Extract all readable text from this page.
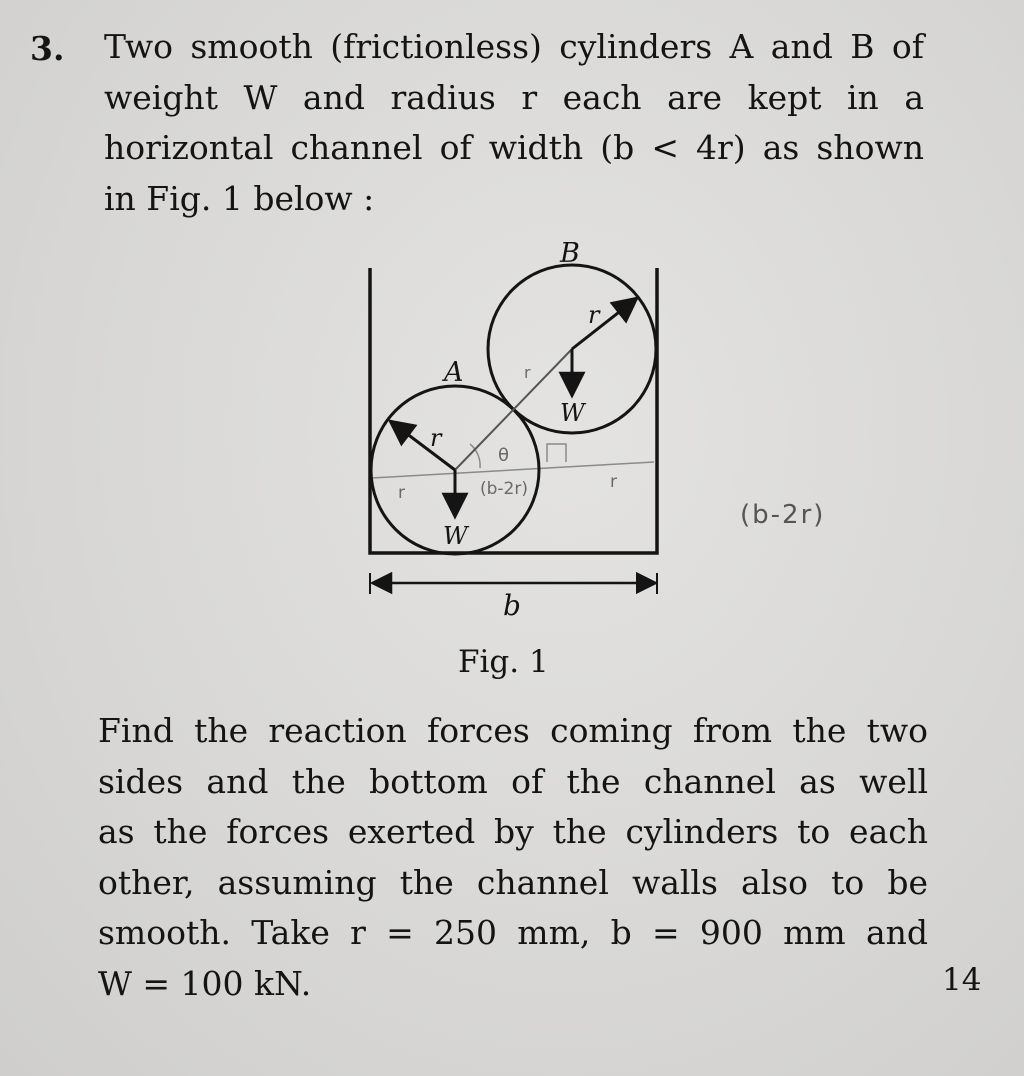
3. Two smooth (frictionless) cylinders A and B of
weight W and radius r each are kept in a
horizontal channel of width (b < 4r) as shown
in Fig. 1 below :

B
A
r
r
W
W
b
θ
r
r	(b-2r)	r
(b-2r)
Fig. 1

Find the reaction forces coming from the two
sides and the bottom of the channel as well
as the forces exerted by the cylinders to each
other, assuming the channel walls also to be
smooth. Take r = 250 mm, b = 900 mm and
W = 100 kN.	14
